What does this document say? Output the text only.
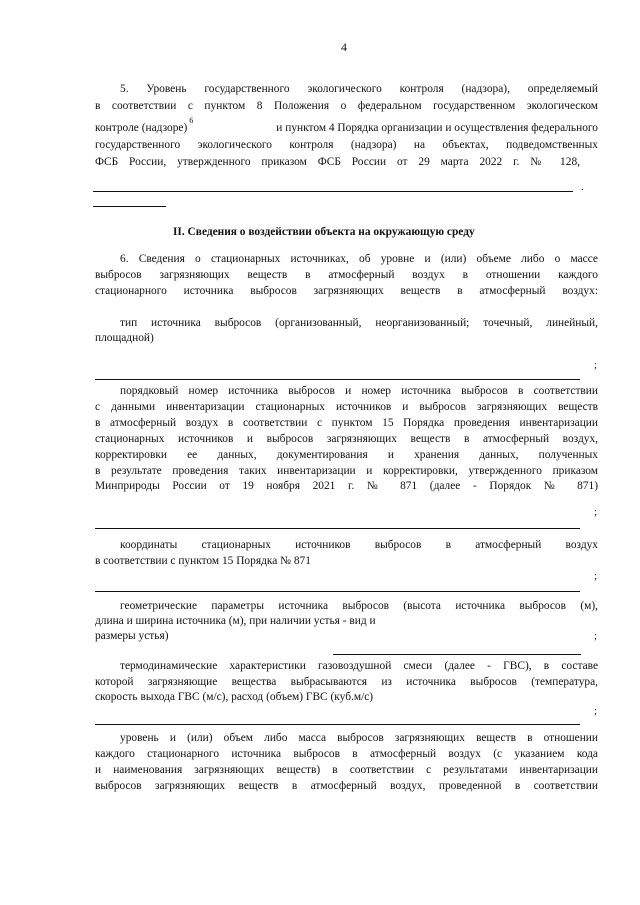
4
5. Уровень государственного экологического контроля (надзора), определяемый
в соответствии с пунктом 8 Положения о федеральном государственном экологическом
контроле (надзоре)$^6$
и пунктом 4 Порядка организации и осуществления федерального
государственного экологического контроля (надзора) на объектах, подведомственных
ФСБ России, утвержденного приказом ФСБ России от 29 марта 2022 г. № 128,
.
II. Сведения о воздействии объекта на окружающую среду
6. Сведения о стационарных источниках, об уровне и (или) объеме либо о массе
выбросов загрязняющих веществ в атмосферный воздух в отношении каждого
стационарного источника выбросов загрязняющих веществ в атмосферный воздух:
тип источника выбросов (организованный, неорганизованный; точечный, линейный,
площадной)
;
порядковый номер источника выбросов и номер источника выбросов в соответствии
с данными инвентаризации стационарных источников и выбросов загрязняющих веществ
в атмосферный воздух в соответствии с пунктом 15 Порядка проведения инвентаризации
стационарных источников и выбросов загрязняющих веществ в атмосферный воздух,
корректировки ее данных, документирования и хранения данных, полученных
в результате проведения таких инвентаризации и корректировки, утвержденного приказом
Минприроды России от 19 ноября 2021 г. № 871 (далее - Порядок № 871)
;
координаты стационарных источников выбросов в атмосферный воздух
в соответствии с пунктом 15 Порядка № 871
;
геометрические параметры источника выбросов (высота источника выбросов (м),
длина и ширина источника (м), при наличии устья - вид и
размеры устья)	;
термодинамические характеристики газовоздушной смеси (далее - ГВС), в составе
которой загрязняющие вещества выбрасываются из источника выбросов (температура,
скорость выхода ГВС (м/с), расход (объем) ГВС (куб.м/с)
;
уровень и (или) объем либо масса выбросов загрязняющих веществ в отношении
каждого стационарного источника выбросов в атмосферный воздух (с указанием кода
и наименования загрязняющих веществ) в соответствии с результатами инвентаризации
выбросов загрязняющих веществ в атмосферный воздух, проведенной в соответствии
